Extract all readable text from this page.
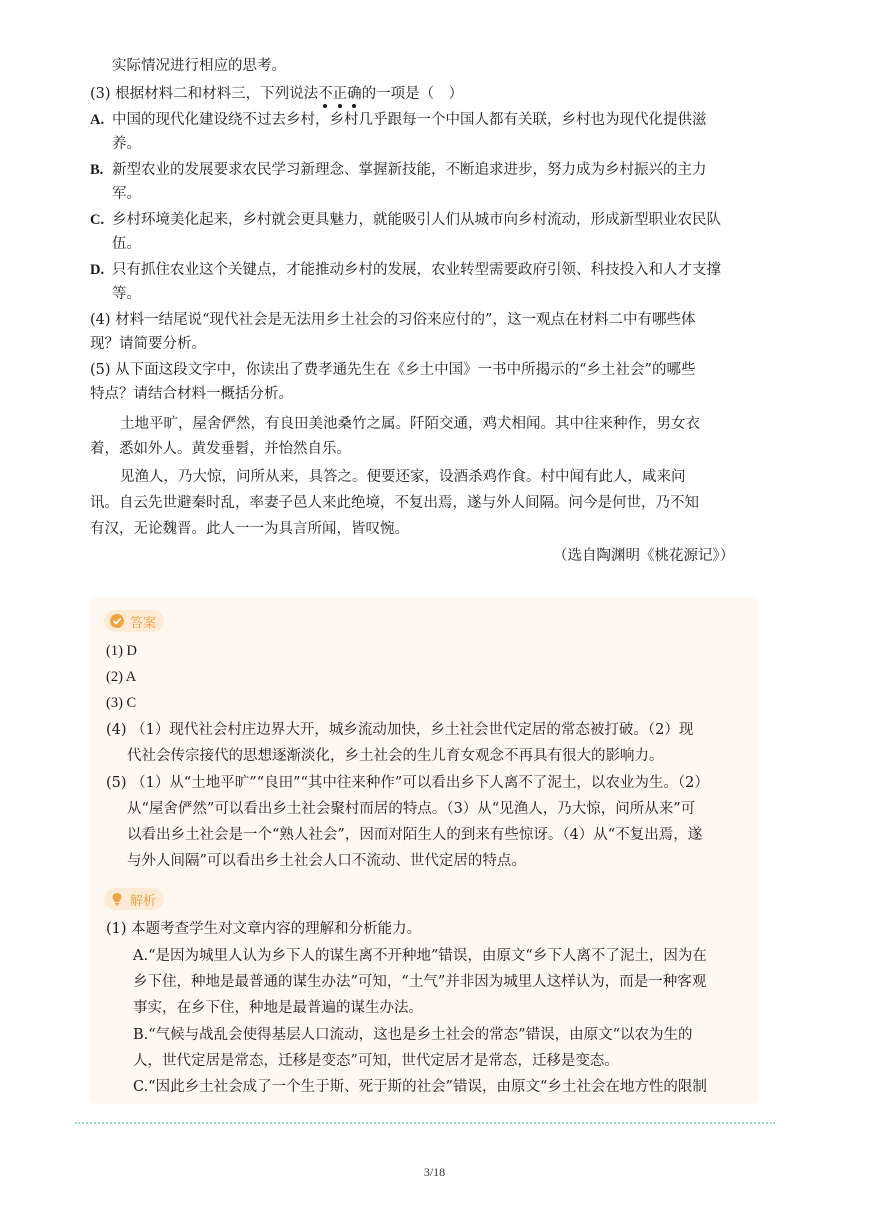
实际情况进行相应的思考。
(3) 根据材料二和材料三，下列说法不正确的一项是（　）
A. 中国的现代化建设绕不过去乡村，乡村几乎跟每一个中国人都有关联，乡村也为现代化提供滋
养。
B. 新型农业的发展要求农民学习新理念、掌握新技能，不断追求进步，努力成为乡村振兴的主力
军。
C. 乡村环境美化起来，乡村就会更具魅力，就能吸引人们从城市向乡村流动，形成新型职业农民队
伍。
D. 只有抓住农业这个关键点，才能推动乡村的发展，农业转型需要政府引领、科技投入和人才支撑
等。
(4) 材料一结尾说“现代社会是无法用乡土社会的习俗来应付的”，这一观点在材料二中有哪些体
现？请简要分析。
(5) 从下面这段文字中，你读出了费孝通先生在《乡土中国》一书中所揭示的“乡土社会”的哪些
特点？请结合材料一概括分析。
土地平旷，屋舍俨然，有良田美池桑竹之属。阡陌交通，鸡犬相闻。其中往来种作，男女衣
着，悉如外人。黄发垂髫，并怡然自乐。
见渔人，乃大惊，问所从来，具答之。便要还家，设酒杀鸡作食。村中闻有此人，咸来问
讯。自云先世避秦时乱，率妻子邑人来此绝境，不复出焉，遂与外人间隔。问今是何世，乃不知
有汉，无论魏晋。此人一一为具言所闻，皆叹惋。
（选自陶渊明《桃花源记》）
答案
(1) D
(2) A
(3) C
(4) （1）现代社会村庄边界大开，城乡流动加快，乡土社会世代定居的常态被打破。（2）现
代社会传宗接代的思想逐渐淡化，乡土社会的生儿育女观念不再具有很大的影响力。
(5) （1）从“土地平旷”“良田”“其中往来种作”可以看出乡下人离不了泥土，以农业为生。（2）
从“屋舍俨然”可以看出乡土社会聚村而居的特点。（3）从“见渔人，乃大惊，问所从来”可
以看出乡土社会是一个“熟人社会”，因而对陌生人的到来有些惊讶。（4）从“不复出焉，遂
与外人间隔”可以看出乡土社会人口不流动、世代定居的特点。
解析
(1) 本题考查学生对文章内容的理解和分析能力。
A.“是因为城里人认为乡下人的谋生离不开种地”错误，由原文“乡下人离不了泥土，因为在
乡下住，种地是最普通的谋生办法”可知，“土气”并非因为城里人这样认为，而是一种客观
事实，在乡下住，种地是最普遍的谋生办法。
B.“气候与战乱会使得基层人口流动，这也是乡土社会的常态”错误，由原文“以农为生的
人，世代定居是常态，迁移是变态”可知，世代定居才是常态，迁移是变态。
C.“因此乡土社会成了一个生于斯、死于斯的社会”错误，由原文“乡土社会在地方性的限制
3/18
